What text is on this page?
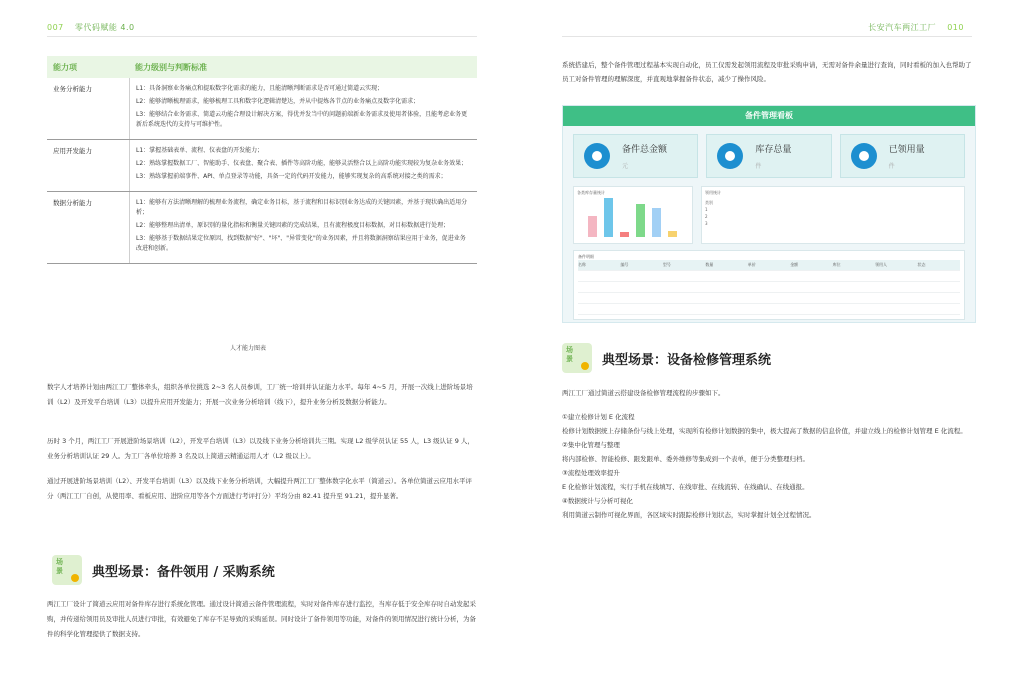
007 零代码赋能 4.0	长安汽车两江工厂 010
能力项	能力级别与判断标准
业务分析能力	L1：具备洞察业务痛点和提取数字化需求的能力，且能清晰判断需求是否可通过简道云实现；
L2：能够清晰梳理需求，能够梳理工具和数字化逻辑清楚达，并从中提炼各节点的业务痛点及数字化需求；
L3：能够结合业务需求、简道云功能合理设计解决方案，得优并发当中的问题前端新业务需求及使用者体验，且能考虑业务更新后系统迭代的支持与可维护性。
应用开发能力	L1：掌握基础表单、流程、仪表盘的开发能力；
L2：熟练掌握数据工厂、智能助手、仪表盘、聚合表、插件等高阶功能，能够灵活整合以上高阶功能实现较为复杂业务效果；
L3：熟练掌握前端事件、API、单点登录等功能，具备一定的代码开发能力，能够实现复杂的高系统对接之类的需求；
数据分析能力	L1：能够有方法清晰理解的梳理业务流程，确定业务目标，基于流程和目标识别业务达成的关键因素，并基于现状确出适用分析；
L2：能够整理出清单，原识别的量化指标和衡量关键因素的完成结果，且有流程极度目标数据，对目标数据进行处理；
L3：能够基于数据结果定位原因，找到数据"好"、"坏"、"异常变化"的业务因素，并且将数据洞察结果应用于业务，促进业务改进和创新。
人才能力图表
数字人才培养计划由两江工厂整体牵头，组织各单位挑选 2~3 名人员参训，工厂统一培训并认证能力水平。每年 4~5 月，开展一次线上进阶场景培训（L2）及开发平台培训（L3）以提升应用开发能力；开展一次业务分析培训（线下），提升业务分析及数据分析能力。
历时 3 个月，两江工厂开展进阶场景培训（L2），开发平台培训（L3）以及线下业务分析培训共三期。实现 L2 级学员认证 55 人，L3 级认证 9 人，业务分析培训认证 29 人。为工厂各单位培养 3 名及以上简道云精通运用人才（L2 级以上）。
通过开展进阶场景培训（L2）、开发平台培训（L3）以及线下业务分析培训，大幅提升两江工厂整体数字化水平（简道云）。各单位简道云应用水平评分（两江工厂自创，从使用率、看板应用、进阶应用等各个方面进行考评打分）平均分由 82.41 提升至 91.21，提升显著。
场
景	典型场景：备件领用 / 采购系统
两江工厂设计了简道云应用对备件库存进行系统化管理。通过设计简道云备件管理流程，实时对备件库存进行监控，当库存低于安全库存时自动发起采购，并传递给领用员及审批人员进行审批，有效避免了库存不足导致的采购延误。同时设计了备件领用等功能，对备件的领用情况进行统计分析，为备件的科学化管理提供了数据支持。
系统搭建后，整个备件管理过程基本实现自动化，员工仅需发起领用流程及审批采购申请，无需对备件余量进行查询，同时看板的加入也帮助了员工对备件管理的理解深度，并直观地掌握备件状态，减少了操作风险。
备件管理看板
备件总金额
元
库存总量
件
已领用量
件
各类库存量统计	领用统计
类别
1
2
3
备件明细
名称	编号	型号	数量	单价	金额	库位	领用人	状态
场
景	典型场景：设备检修管理系统
两江工厂通过简道云搭建设备检修管理流程的步骤如下。
①建立检修计划 E 化流程
检修计划数据统上存储条份与线上处理，实现所有检修计划数据的集中，极大提高了数据的信息价值，并建立线上的检修计划管理 E 化流程。
②集中化管理与整理
将内部检修、智能检修、跟发跟单、委外维修等集成到一个表单，便于分类整理归档。
③流程处理效率提升
E 化检修计划流程，实行手机在线填写、在线审批、在线流转、在线确认、在线通报。
④数据统计与分析可视化
利用简道云制作可视化界面，各区域实时跟踪检修计划状态，实时掌握计划全过程情况。
